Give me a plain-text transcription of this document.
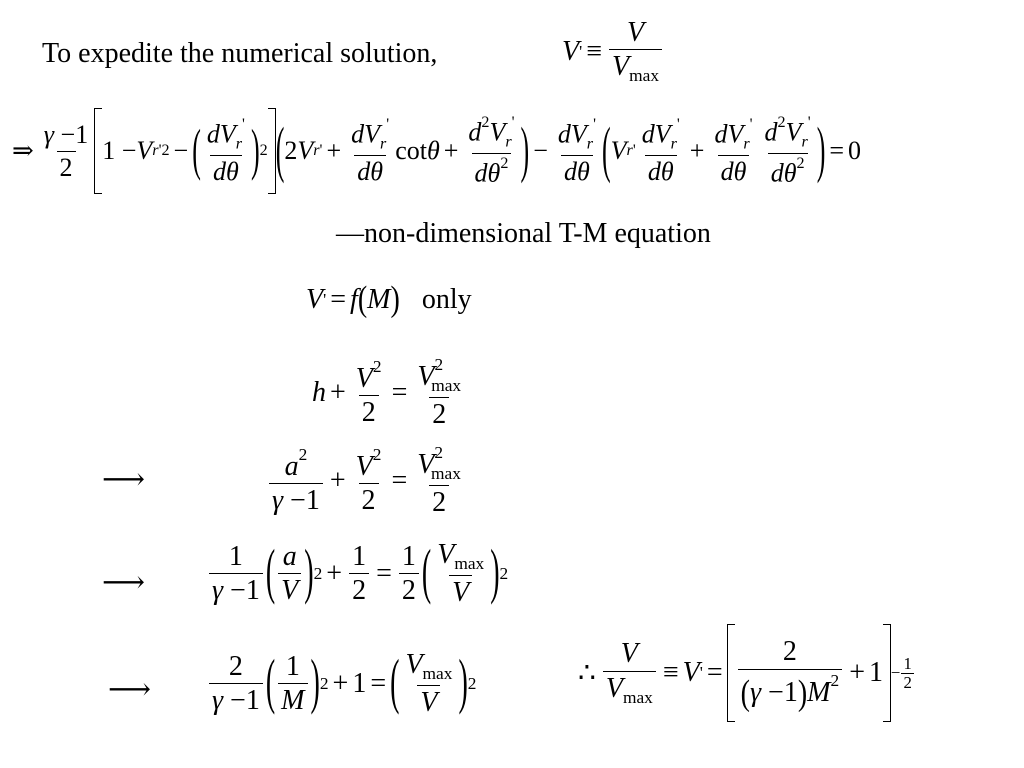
To expedite the numerical solution,	V ' ≡
V
$V_{max}$
⇒
γ −1
2
1 − V r '2 − ( $dV_r'$
dθ ) 2 ( 2 V r ' +
$dV_r'$
dθ
$\cot \theta + \frac{d^2V_r'}{d\theta^2}$ ) −
$dV_r'$
dθ ( V r '
$dV_r'$
dθ
+
$dV_r'$
dθ
$d^2V_r'$
$d\theta^2$ ) = 0
—non-dimensional T-M equation
V ' = f ( M ) only
$h + \frac{V^2}{2}$ =
$V^2_{max}$
2
⟶	$a^2$
γ −1
+ $\frac{V^2}{2}$ =
$V^2_{max}$
2
⟶
1
γ −1 ( a
V ) $2 + \frac{1}{2} = \frac{1}{2}$ ( $V_{max}$
V ) 2
⟶
2
γ −1 ( 1
M ) 2 + 1 = ( $V_{max}$
V ) 2	∴
V
$V_{max}$
≡ V ' =
2
$(\gamma -1)M^2 + 1 - 1$
2
